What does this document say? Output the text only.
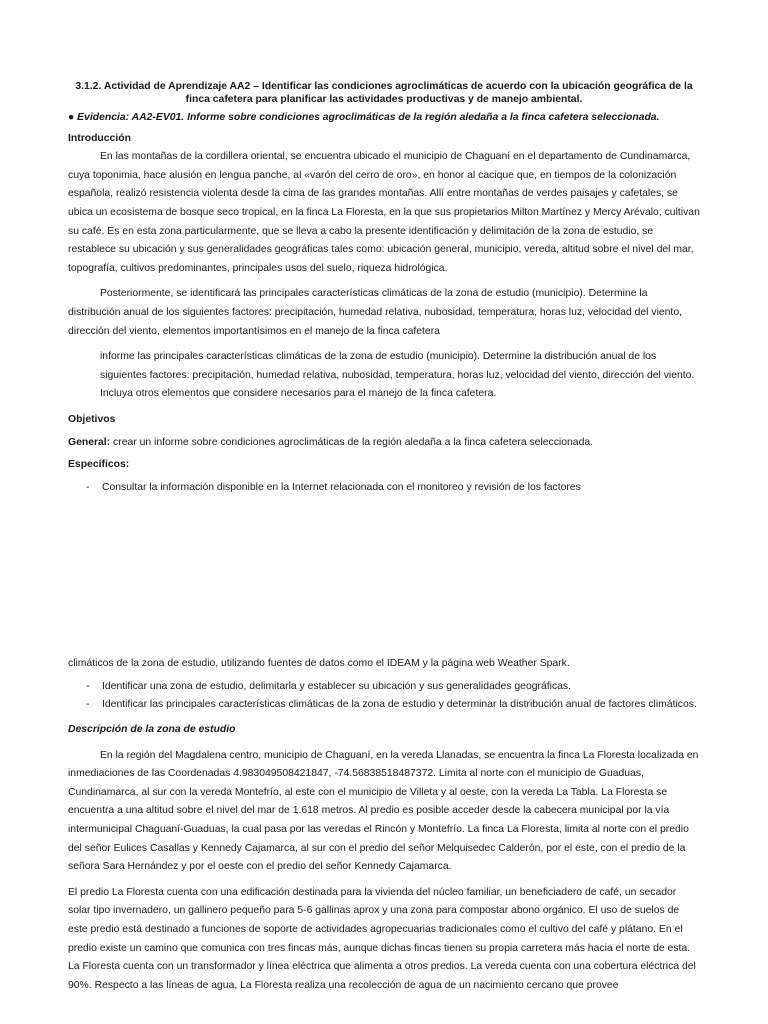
3.1.2. Actividad de Aprendizaje AA2 – Identificar las condiciones agroclimáticas de acuerdo con la ubicación geográfica de la finca cafetera para planificar las actividades productivas y de manejo ambiental.

● Evidencia: AA2-EV01. Informe sobre condiciones agroclimáticas de la región aledaña a la finca cafetera seleccionada.

Introducción

En las montañas de la cordillera oriental, se encuentra ubicado el municipio de Chaguaní en el departamento de Cundinamarca, cuya toponimia, hace alusión en lengua panche, al «varón del cerro de oro», en honor al cacique que, en tiempos de la colonización española, realizó resistencia violenta desde la cima de las grandes montañas. Allí entre montañas de verdes paisajes y cafetales, se ubica un ecosistema de bosque seco tropical, en la finca La Floresta, en la que sus propietarios Milton Martínez y Mercy Arévalo, cultivan su café. Es en esta zona particularmente, que se lleva a cabo la presente identificación y delimitación de la zona de estudio, se restablece su ubicación y sus generalidades geográficas tales como: ubicación general, municipio, vereda, altitud sobre el nivel del mar, topografía, cultivos predominantes, principales usos del suelo, riqueza hidrológica.

Posteriormente, se identificará las principales características climáticas de la zona de estudio (municipio). Determine la distribución anual de los siguientes factores: precipitación, humedad relativa, nubosidad, temperatura, horas luz, velocidad del viento, dirección del viento, elementos importantísimos en el manejo de la finca cafetera

informe las principales características climáticas de la zona de estudio (municipio). Determine la distribución anual de los siguientes factores: precipitación, humedad relativa, nubosidad, temperatura, horas luz, velocidad del viento, dirección del viento. Incluya otros elementos que considere necesarios para el manejo de la finca cafetera.

Objetivos

General: crear un informe sobre condiciones agroclimáticas de la región aledaña a la finca cafetera seleccionada.

Específicos:

-	Consultar la información disponible en la Internet relacionada con el monitoreo y revisión de los factores

climáticos de la zona de estudio, utilizando fuentes de datos como el IDEAM y la página web Weather Spark.

-	Identificar una zona de estudio, delimitarla y establecer su ubicación y sus generalidades geográficas.
-	Identificar las principales características climáticas de la zona de estudio y determinar la distribución anual de factores climáticos.

Descripción de la zona de estudio

En la región del Magdalena centro, municipio de Chaguaní, en la vereda Llanadas, se encuentra la finca La Floresta localizada en inmediaciones de las Coordenadas 4.983049508421847, -74.56838518487372. Limita al norte con el municipio de Guaduas, Cundinamarca, al sur con la vereda Montefrío, al este con el municipio de Villeta y al oeste, con la vereda La Tabla. La Floresta se encuentra a una altitud sobre el nivel del mar de 1.618 metros. Al predio es posible acceder desde la cabecera municipal por la vía intermunicipal Chaguaní-Guaduas, la cual pasa por las veredas el Rincón y Montefrío. La finca La Floresta, limita al norte con el predio del señor Eulices Casallas y Kennedy Cajamarca, al sur con el predio del señor Melquisedec Calderón, por el este, con el predio de la señora Sara Hernández y por el oeste con el predio del señor Kennedy Cajamarca.

El predio La Floresta cuenta con una edificación destinada para la vivienda del núcleo familiar, un beneficiadero de café, un secador solar tipo invernadero, un gallinero pequeño para 5-6 gallinas aprox y una zona para compostar abono orgánico. El uso de suelos de este predio está destinado a funciones de soporte de actividades agropecuarias tradicionales como el cultivo del café y plátano. En el predio existe un camino que comunica con tres fincas más, aunque dichas fincas tienen su propia carretera más hacia el norte de esta. La Floresta cuenta con un transformador y línea eléctrica que alimenta a otros predios. La vereda cuenta con una cobertura eléctrica del 90%. Respecto a las líneas de agua, La Floresta realiza una recolección de agua de un nacimiento cercano que provee
